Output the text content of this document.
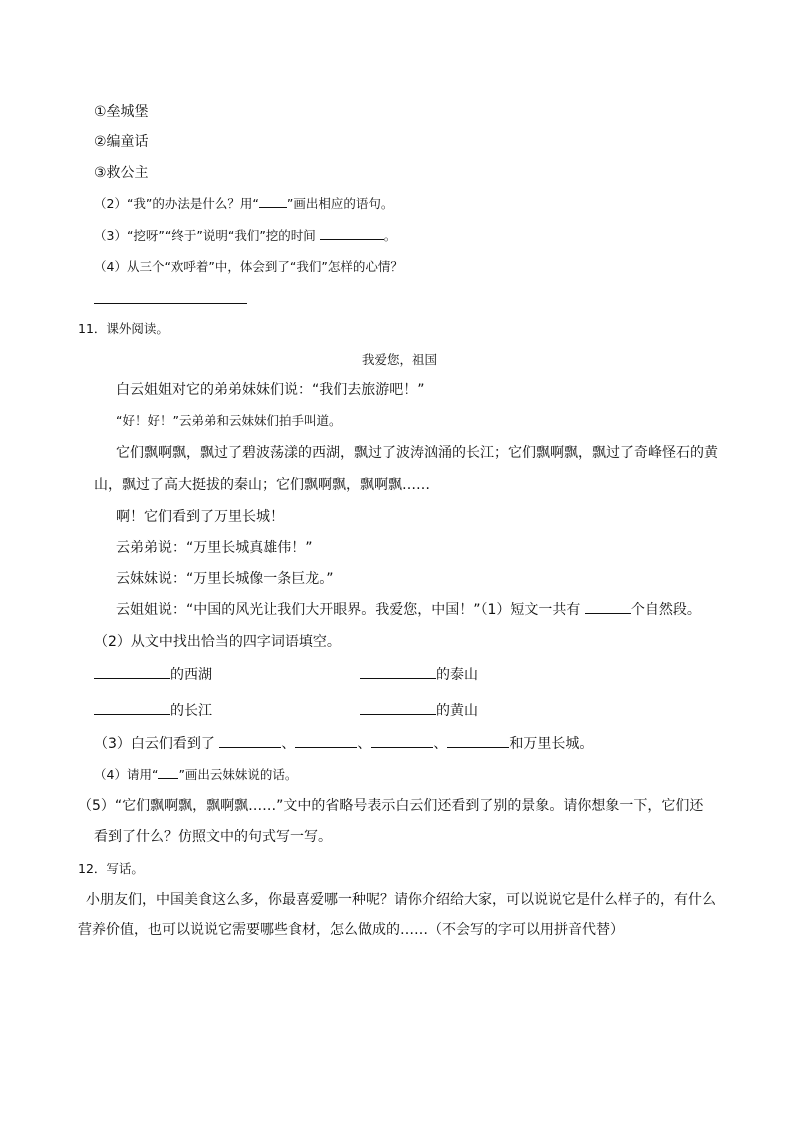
①垒城堡
②编童话
③救公主
（2）“我”的办法是什么？用“ ”画出相应的语句。
（3）“挖呀”“终于”说明“我们”挖的时间	。
（4）从三个“欢呼着”中，体会到了“我们”怎样的心情？
11．课外阅读。
我爱您，祖国
白云姐姐对它的弟弟妹妹们说：“我们去旅游吧！”
“好！好！”云弟弟和云妹妹们拍手叫道。
它们飘啊飘，飘过了碧波荡漾的西湖，飘过了波涛汹涌的长江；它们飘啊飘，飘过了奇峰怪石的黄
山，飘过了高大挺拔的秦山；它们飘啊飘，飘啊飘……
啊！它们看到了万里长城！
云弟弟说：“万里长城真雄伟！”
云妹妹说：“万里长城像一条巨龙。”
云姐姐说：“中国的风光让我们大开眼界。我爱您，中国！”（1）短文一共有	个自然段。
（2）从文中找出恰当的四字词语填空。
的西湖	的泰山
的长江	的黄山
（3）白云们看到了	、	、	、	和万里长城。
（4）请用“ ”画出云妹妹说的话。
（5）“它们飘啊飘，飘啊飘……”文中的省略号表示白云们还看到了别的景象。请你想象一下，它们还
看到了什么？仿照文中的句式写一写。
12．写话。
小朋友们，中国美食这么多，你最喜爱哪一种呢？请你介绍给大家，可以说说它是什么样子的，有什么
营养价值，也可以说说它需要哪些食材，怎么做成的……（不会写的字可以用拼音代替）
